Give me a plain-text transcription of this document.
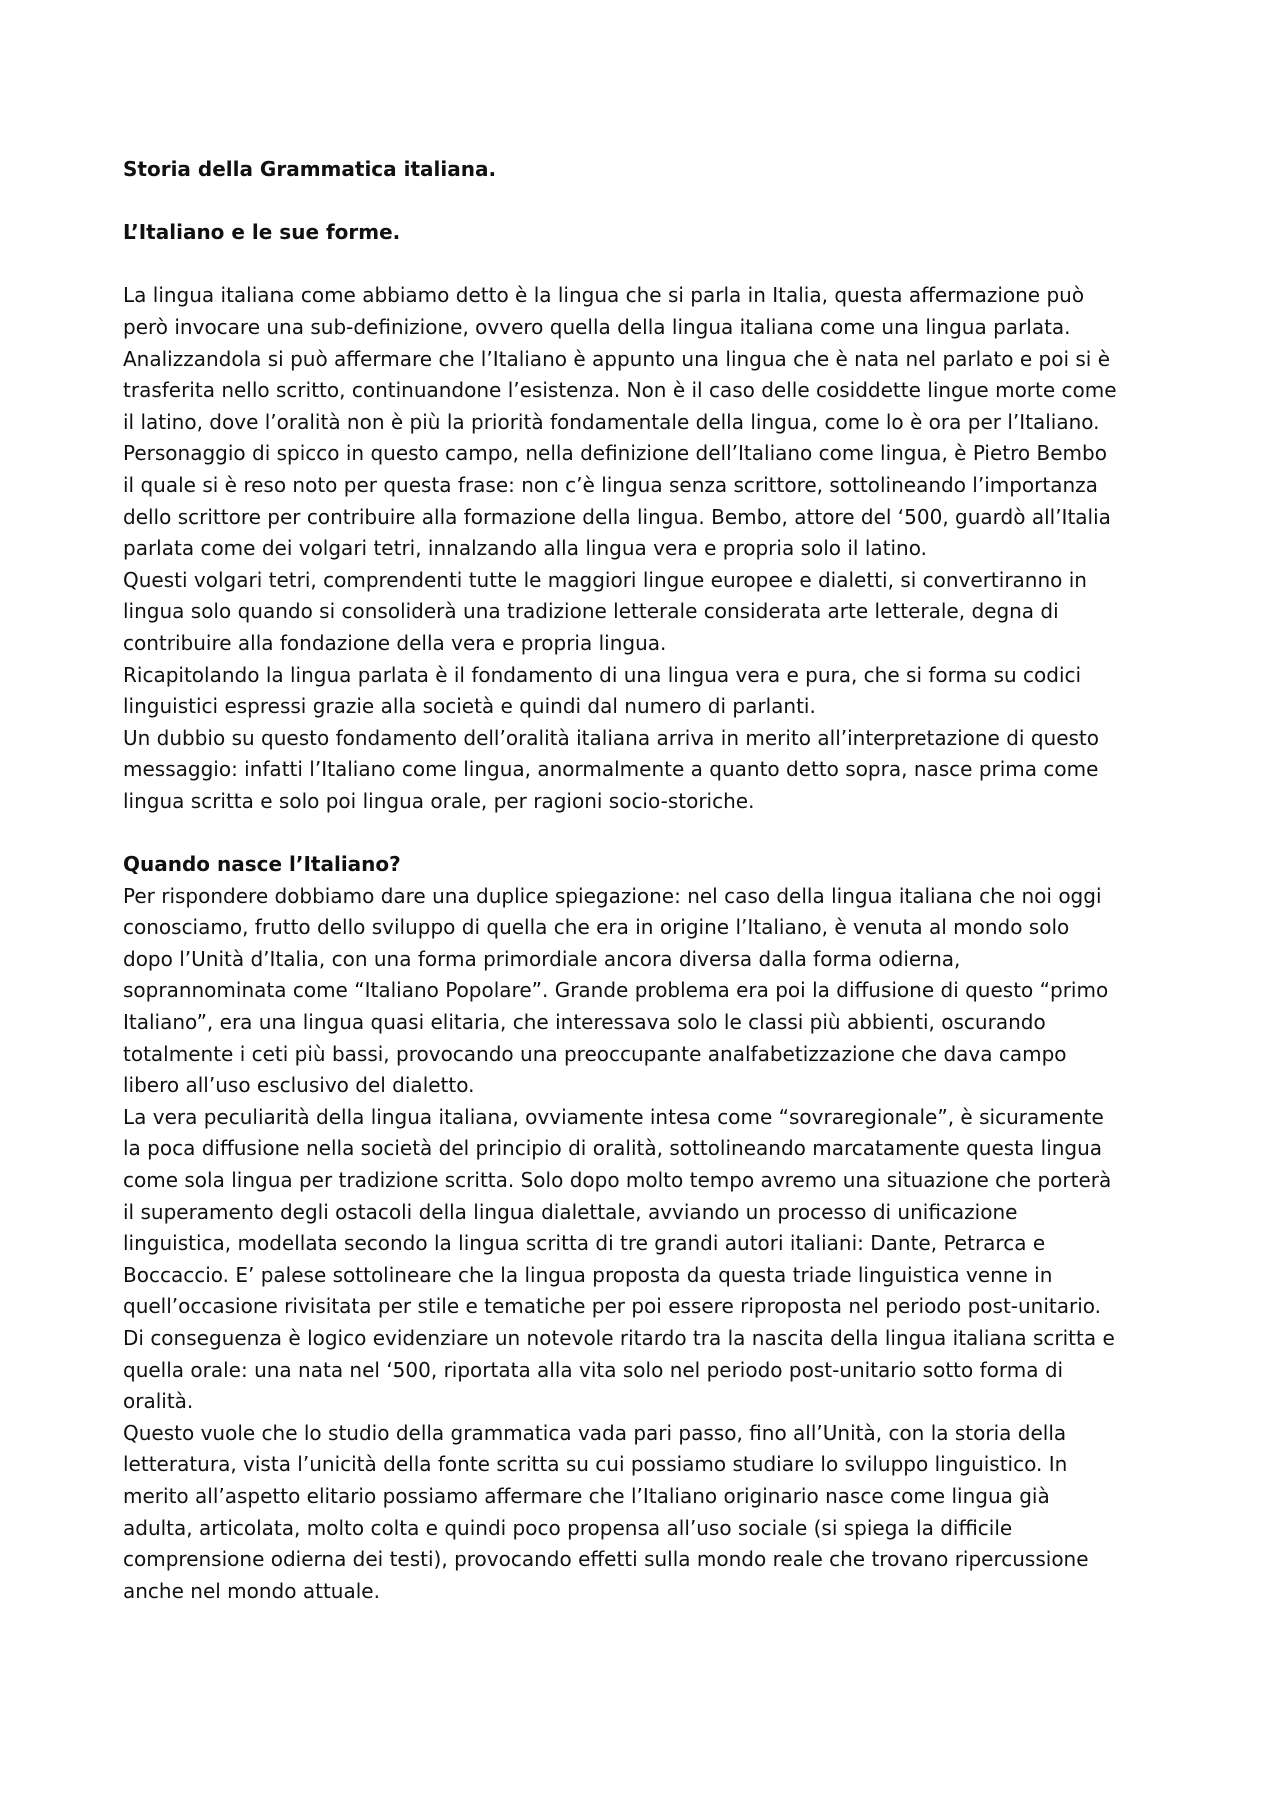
Storia della Grammatica italiana.

L’Italiano e le sue forme.

La lingua italiana come abbiamo detto è la lingua che si parla in Italia, questa affermazione può
però invocare una sub-definizione, ovvero quella della lingua italiana come una lingua parlata.
Analizzandola si può affermare che l’Italiano è appunto una lingua che è nata nel parlato e poi si è
trasferita nello scritto, continuandone l’esistenza. Non è il caso delle cosiddette lingue morte come
il latino, dove l’oralità non è più la priorità fondamentale della lingua, come lo è ora per l’Italiano.
Personaggio di spicco in questo campo, nella definizione dell’Italiano come lingua, è Pietro Bembo
il quale si è reso noto per questa frase: non c’è lingua senza scrittore, sottolineando l’importanza
dello scrittore per contribuire alla formazione della lingua. Bembo, attore del ‘500, guardò all’Italia
parlata come dei volgari tetri, innalzando alla lingua vera e propria solo il latino.
Questi volgari tetri, comprendenti tutte le maggiori lingue europee e dialetti, si convertiranno in
lingua solo quando si consoliderà una tradizione letterale considerata arte letterale, degna di
contribuire alla fondazione della vera e propria lingua.
Ricapitolando la lingua parlata è il fondamento di una lingua vera e pura, che si forma su codici
linguistici espressi grazie alla società e quindi dal numero di parlanti.
Un dubbio su questo fondamento dell’oralità italiana arriva in merito all’interpretazione di questo
messaggio: infatti l’Italiano come lingua, anormalmente a quanto detto sopra, nasce prima come
lingua scritta e solo poi lingua orale, per ragioni socio-storiche.

Quando nasce l’Italiano?

Per rispondere dobbiamo dare una duplice spiegazione: nel caso della lingua italiana che noi oggi
conosciamo, frutto dello sviluppo di quella che era in origine l’Italiano, è venuta al mondo solo
dopo l’Unità d’Italia, con una forma primordiale ancora diversa dalla forma odierna,
soprannominata come “Italiano Popolare”. Grande problema era poi la diffusione di questo “primo
Italiano”, era una lingua quasi elitaria, che interessava solo le classi più abbienti, oscurando
totalmente i ceti più bassi, provocando una preoccupante analfabetizzazione che dava campo
libero all’uso esclusivo del dialetto.
La vera peculiarità della lingua italiana, ovviamente intesa come “sovraregionale”, è sicuramente
la poca diffusione nella società del principio di oralità, sottolineando marcatamente questa lingua
come sola lingua per tradizione scritta. Solo dopo molto tempo avremo una situazione che porterà
il superamento degli ostacoli della lingua dialettale, avviando un processo di unificazione
linguistica, modellata secondo la lingua scritta di tre grandi autori italiani: Dante, Petrarca e
Boccaccio. E’ palese sottolineare che la lingua proposta da questa triade linguistica venne in
quell’occasione rivisitata per stile e tematiche per poi essere riproposta nel periodo post-unitario.
Di conseguenza è logico evidenziare un notevole ritardo tra la nascita della lingua italiana scritta e
quella orale: una nata nel ‘500, riportata alla vita solo nel periodo post-unitario sotto forma di
oralità.
Questo vuole che lo studio della grammatica vada pari passo, fino all’Unità, con la storia della
letteratura, vista l’unicità della fonte scritta su cui possiamo studiare lo sviluppo linguistico. In
merito all’aspetto elitario possiamo affermare che l’Italiano originario nasce come lingua già
adulta, articolata, molto colta e quindi poco propensa all’uso sociale (si spiega la difficile
comprensione odierna dei testi), provocando effetti sulla mondo reale che trovano ripercussione
anche nel mondo attuale.
